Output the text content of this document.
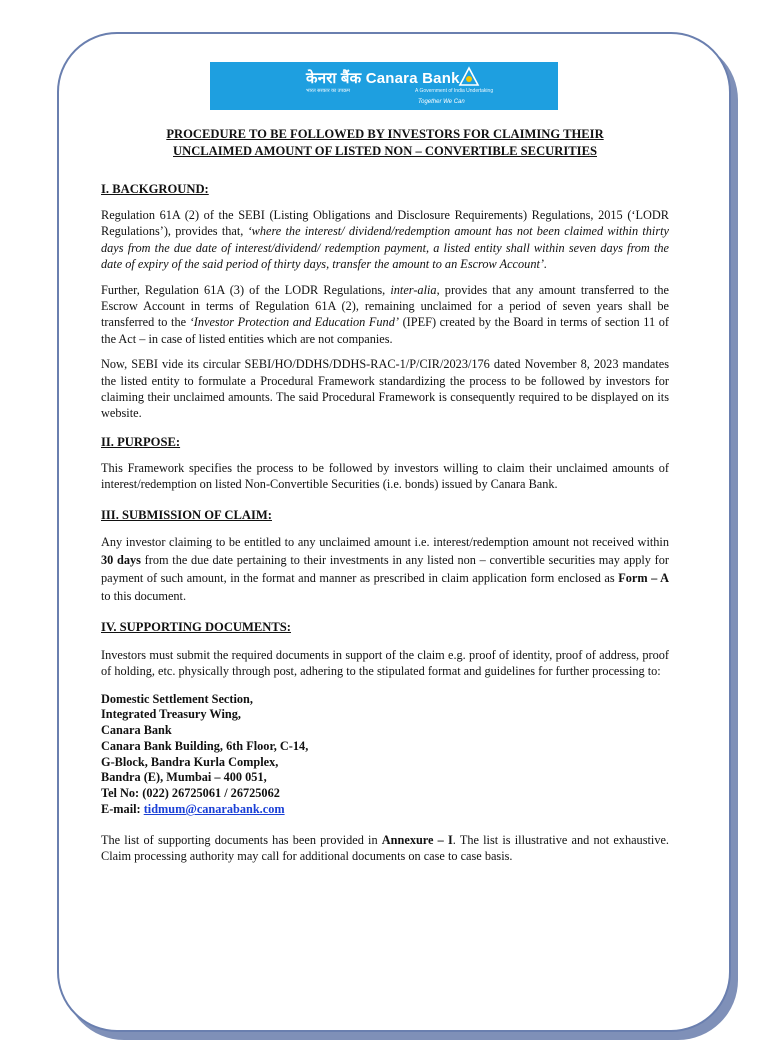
केनरा बैंक Canara Bank
भारत सरकार का उपक्रम	A Government of India Undertaking
Together We Can
PROCEDURE TO BE FOLLOWED BY INVESTORS FOR CLAIMING THEIR
UNCLAIMED AMOUNT OF LISTED NON – CONVERTIBLE SECURITIES
I. BACKGROUND:

Regulation 61A (2) of the SEBI (Listing Obligations and Disclosure Requirements) Regulations, 2015 (‘LODR Regulations’), provides that, ‘where the interest/ dividend/redemption amount has not been claimed within thirty days from the due date of interest/dividend/ redemption payment, a listed entity shall within seven days from the date of expiry of the said period of thirty days, transfer the amount to an Escrow Account’.

Further, Regulation 61A (3) of the LODR Regulations, inter-alia, provides that any amount transferred to the Escrow Account in terms of Regulation 61A (2), remaining unclaimed for a period of seven years shall be transferred to the ‘Investor Protection and Education Fund’ (IPEF) created by the Board in terms of section 11 of the Act – in case of listed entities which are not companies.

Now, SEBI vide its circular SEBI/HO/DDHS/DDHS-RAC-1/P/CIR/2023/176 dated November 8, 2023 mandates the listed entity to formulate a Procedural Framework standardizing the process to be followed by investors for claiming their unclaimed amounts. The said Procedural Framework is consequently required to be displayed on its website.

II. PURPOSE:

This Framework specifies the process to be followed by investors willing to claim their unclaimed amounts of interest/redemption on listed Non-Convertible Securities (i.e. bonds) issued by Canara Bank.

III. SUBMISSION OF CLAIM:

Any investor claiming to be entitled to any unclaimed amount i.e. interest/redemption amount not received within 30 days from the due date pertaining to their investments in any listed non – convertible securities may apply for payment of such amount, in the format and manner as prescribed in claim application form enclosed as Form – A to this document.

IV. SUPPORTING DOCUMENTS:

Investors must submit the required documents in support of the claim e.g. proof of identity, proof of address, proof of holding, etc. physically through post, adhering to the stipulated format and guidelines for further processing to:

Domestic Settlement Section,
Integrated Treasury Wing,
Canara Bank
Canara Bank Building, 6th Floor, C-14,
G-Block, Bandra Kurla Complex,
Bandra (E), Mumbai – 400 051,
Tel No: (022) 26725061 / 26725062
E-mail: tidmum@canarabank.com

The list of supporting documents has been provided in Annexure – I. The list is illustrative and not exhaustive. Claim processing authority may call for additional documents on case to case basis.
